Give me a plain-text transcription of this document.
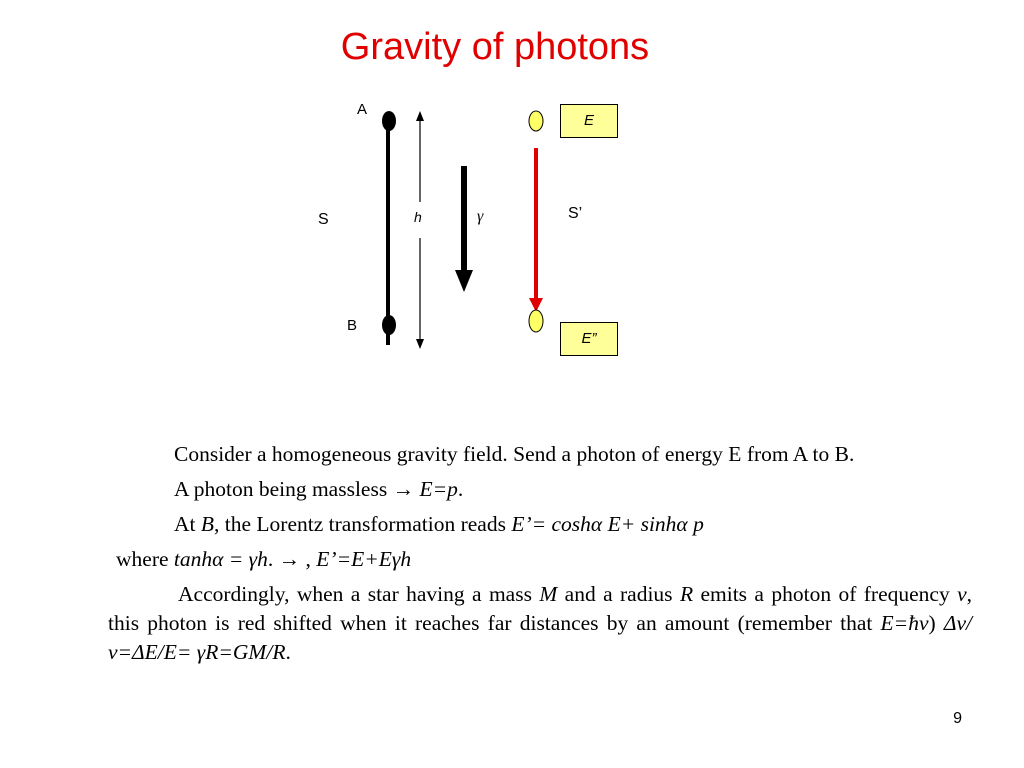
Gravity of photons
A
B
S	h	γ	S’
E
E”

Consider a homogeneous gravity field. Send a photon of energy E from A to B.

A photon being massless → E=p.

At B, the Lorentz transformation reads E’= coshα E+ sinhα p

where tanhα = γh. → , E’=E+Eγh

Accordingly, when a star having a mass M and a radius R emits a photon of frequency ν, this photon is red shifted when it reaches far distances by an amount (remember that E=ħν) Δν/ν=ΔE/E= γR=GM/R.

9
